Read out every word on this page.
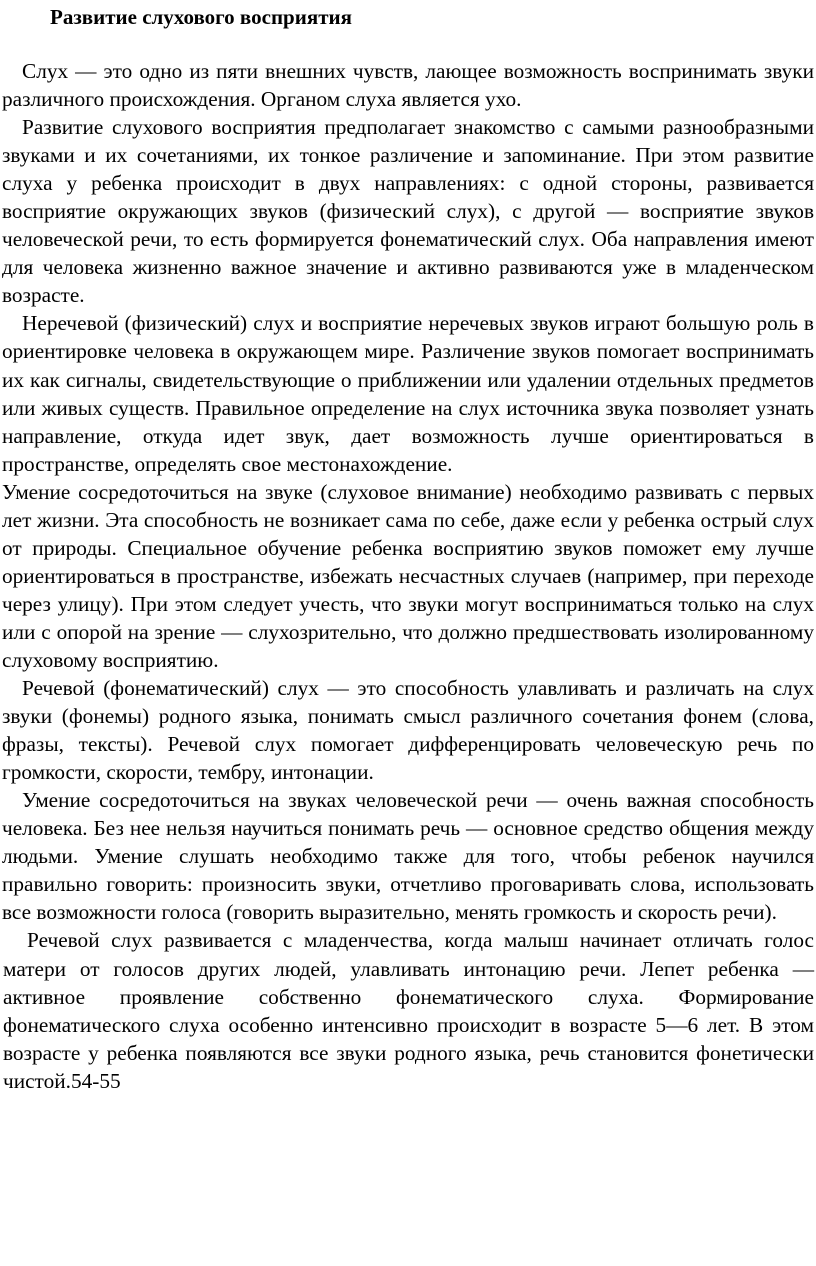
Развитие слухового восприятия

Слух — это одно из пяти внешних чувств, лающее возможность воспринимать звуки различного происхождения. Органом слуха является ухо.

Развитие слухового восприятия предполагает знакомство с самыми разнообразными звуками и их сочетаниями, их тонкое различение и запоминание. При этом развитие слуха у ребенка происходит в двух направлениях: с одной стороны, развивается восприятие окружающих звуков (физический слух), с другой — восприятие звуков человеческой речи, то есть формируется фонематический слух. Оба направления имеют для человека жизненно важное значение и активно развиваются уже в младенческом возрасте.

Неречевой (физический) слух и восприятие неречевых звуков играют большую роль в ориентировке человека в окружающем мире. Различение звуков помогает воспринимать их как сигналы, свидетельствующие о приближении или удалении отдельных предметов или живых существ. Правильное определение на слух источника звука позволяет узнать направление, откуда идет звук, дает возможность лучше ориентироваться в пространстве, определять свое местонахождение.

Умение сосредоточиться на звуке (слуховое внимание) необходимо развивать с первых лет жизни. Эта способность не возникает сама по себе, даже если у ребенка острый слух от природы. Специальное обучение ребенка восприятию звуков поможет ему лучше ориентироваться в пространстве, избежать несчастных случаев (например, при переходе через улицу). При этом следует учесть, что звуки могут восприниматься только на слух или с опорой на зрение — слухозрительно, что должно предшествовать изолированному слуховому восприятию.

Речевой (фонематический) слух — это способность улавливать и различать на слух звуки (фонемы) родного языка, понимать смысл различного сочетания фонем (слова, фразы, тексты). Речевой слух помогает дифференцировать человеческую речь по громкости, скорости, тембру, интонации.

Умение сосредоточиться на звуках человеческой речи — очень важная способность человека. Без нее нельзя научиться понимать речь — основное средство общения между людьми. Умение слушать необходимо также для того, чтобы ребенок научился правильно говорить: произносить звуки, отчетливо проговаривать слова, использовать все возможности голоса (говорить выразительно, менять громкость и скорость речи).

Речевой слух развивается с младенчества, когда малыш начинает отличать голос матери от голосов других людей, улавливать интонацию речи. Лепет ребенка — активное проявление собственно фонематического слуха. Формирование фонематического слуха особенно интенсивно происходит в возрасте 5—6 лет. В этом возрасте у ребенка появляются все звуки родного языка, речь становится фонетически чистой.54-55
